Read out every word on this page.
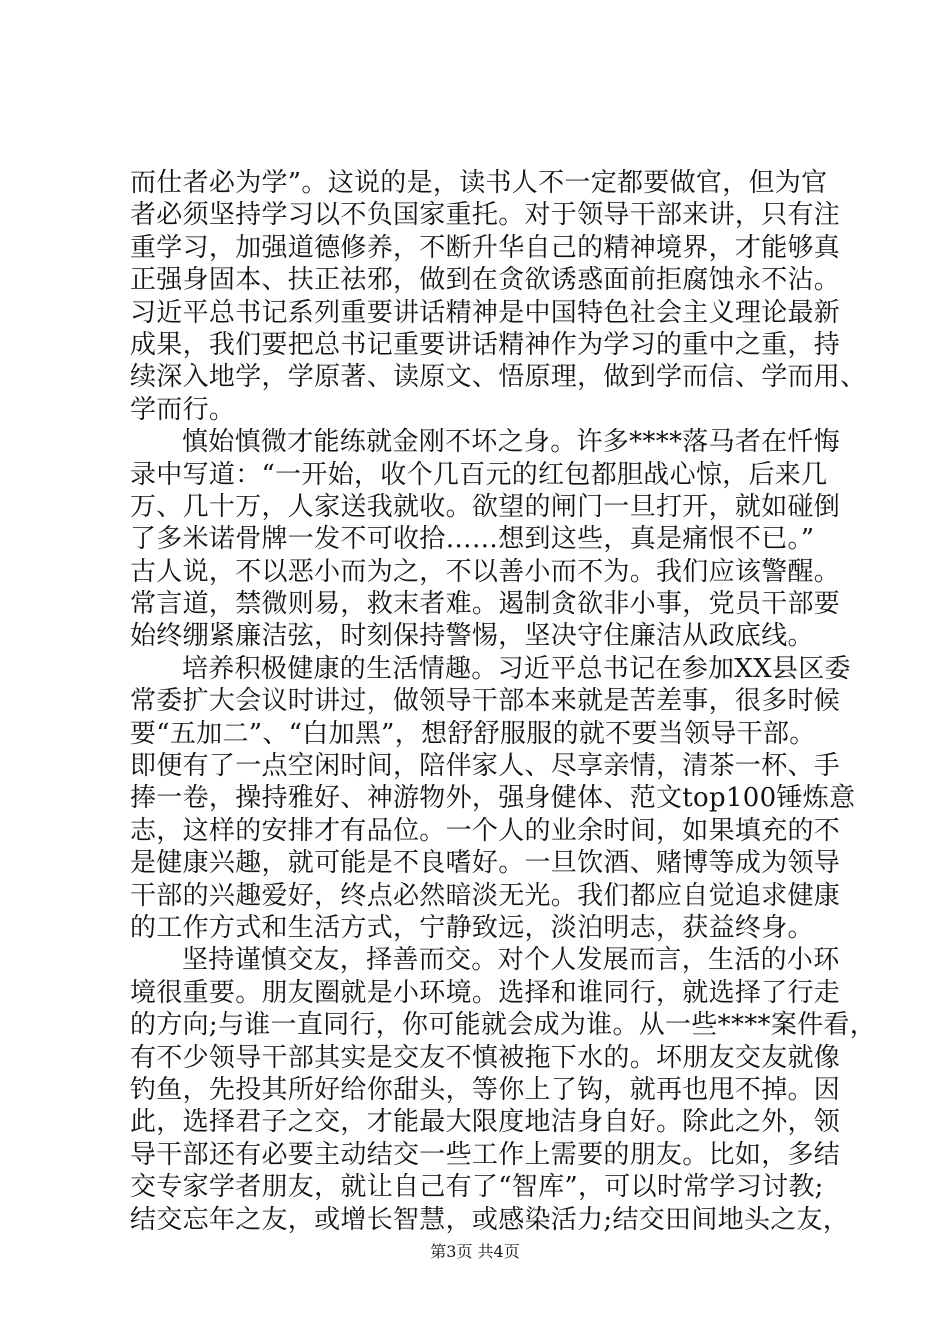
而仕者必为学”。这说的是，读书人不一定都要做官，但为官
者必须坚持学习以不负国家重托。对于领导干部来讲，只有注
重学习，加强道德修养，不断升华自己的精神境界，才能够真
正强身固本、扶正祛邪，做到在贪欲诱惑面前拒腐蚀永不沾。
习近平总书记系列重要讲话精神是中国特色社会主义理论最新
成果，我们要把总书记重要讲话精神作为学习的重中之重，持
续深入地学，学原著、读原文、悟原理，做到学而信、学而用、
学而行。
慎始慎微才能练就金刚不坏之身。许多****落马者在忏悔
录中写道：“一开始，收个几百元的红包都胆战心惊，后来几
万、几十万，人家送我就收。欲望的闸门一旦打开，就如碰倒
了多米诺骨牌一发不可收拾……想到这些，真是痛恨不已。”
古人说，不以恶小而为之，不以善小而不为。我们应该警醒。
常言道，禁微则易，救末者难。遏制贪欲非小事，党员干部要
始终绷紧廉洁弦，时刻保持警惕，坚决守住廉洁从政底线。
培养积极健康的生活情趣。习近平总书记在参加XX县区委
常委扩大会议时讲过，做领导干部本来就是苦差事，很多时候
要“五加二”、“白加黑”，想舒舒服服的就不要当领导干部。
即便有了一点空闲时间，陪伴家人、尽享亲情，清茶一杯、手
捧一卷，操持雅好、神游物外，强身健体、范文top100锤炼意
志，这样的安排才有品位。一个人的业余时间，如果填充的不
是健康兴趣，就可能是不良嗜好。一旦饮酒、赌博等成为领导
干部的兴趣爱好，终点必然暗淡无光。我们都应自觉追求健康
的工作方式和生活方式，宁静致远，淡泊明志，获益终身。
坚持谨慎交友，择善而交。对个人发展而言，生活的小环
境很重要。朋友圈就是小环境。选择和谁同行，就选择了行走
的方向;与谁一直同行，你可能就会成为谁。从一些****案件看，
有不少领导干部其实是交友不慎被拖下水的。坏朋友交友就像
钓鱼，先投其所好给你甜头，等你上了钩，就再也甩不掉。因
此，选择君子之交，才能最大限度地洁身自好。除此之外，领
导干部还有必要主动结交一些工作上需要的朋友。比如，多结
交专家学者朋友，就让自己有了“智库”，可以时常学习讨教;
结交忘年之友，或增长智慧，或感染活力;结交田间地头之友，
第3页 共4页
